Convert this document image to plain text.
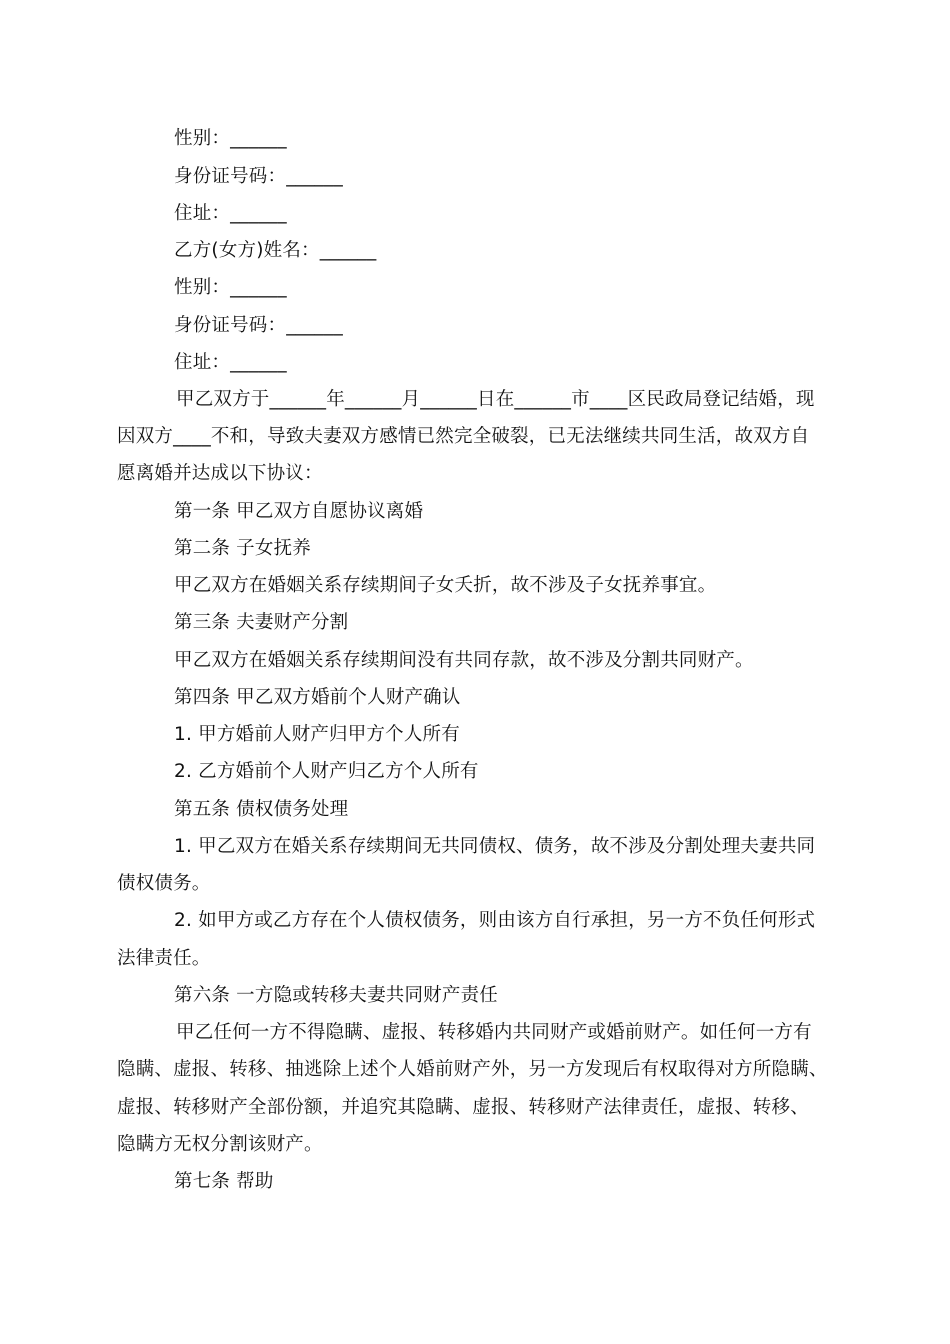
性别：______
身份证号码：______
住址：______
乙方(女方)姓名：______
性别：______
身份证号码：______
住址：______
甲乙双方于______年______月______日在______市____区民政局登记结婚，现
因双方____不和，导致夫妻双方感情已然完全破裂，已无法继续共同生活，故双方自
愿离婚并达成以下协议：
第一条 甲乙双方自愿协议离婚
第二条 子女抚养
甲乙双方在婚姻关系存续期间子女夭折，故不涉及子女抚养事宜。
第三条 夫妻财产分割
甲乙双方在婚姻关系存续期间没有共同存款，故不涉及分割共同财产。
第四条 甲乙双方婚前个人财产确认
1. 甲方婚前人财产归甲方个人所有
2. 乙方婚前个人财产归乙方个人所有
第五条 债权债务处理
1. 甲乙双方在婚关系存续期间无共同债权、债务，故不涉及分割处理夫妻共同
债权债务。
2. 如甲方或乙方存在个人债权债务，则由该方自行承担，另一方不负任何形式
法律责任。
第六条 一方隐或转移夫妻共同财产责任
甲乙任何一方不得隐瞒、虚报、转移婚内共同财产或婚前财产。如任何一方有
隐瞒、虚报、转移、抽逃除上述个人婚前财产外，另一方发现后有权取得对方所隐瞒、
虚报、转移财产全部份额，并追究其隐瞒、虚报、转移财产法律责任，虚报、转移、
隐瞒方无权分割该财产。
第七条 帮助
